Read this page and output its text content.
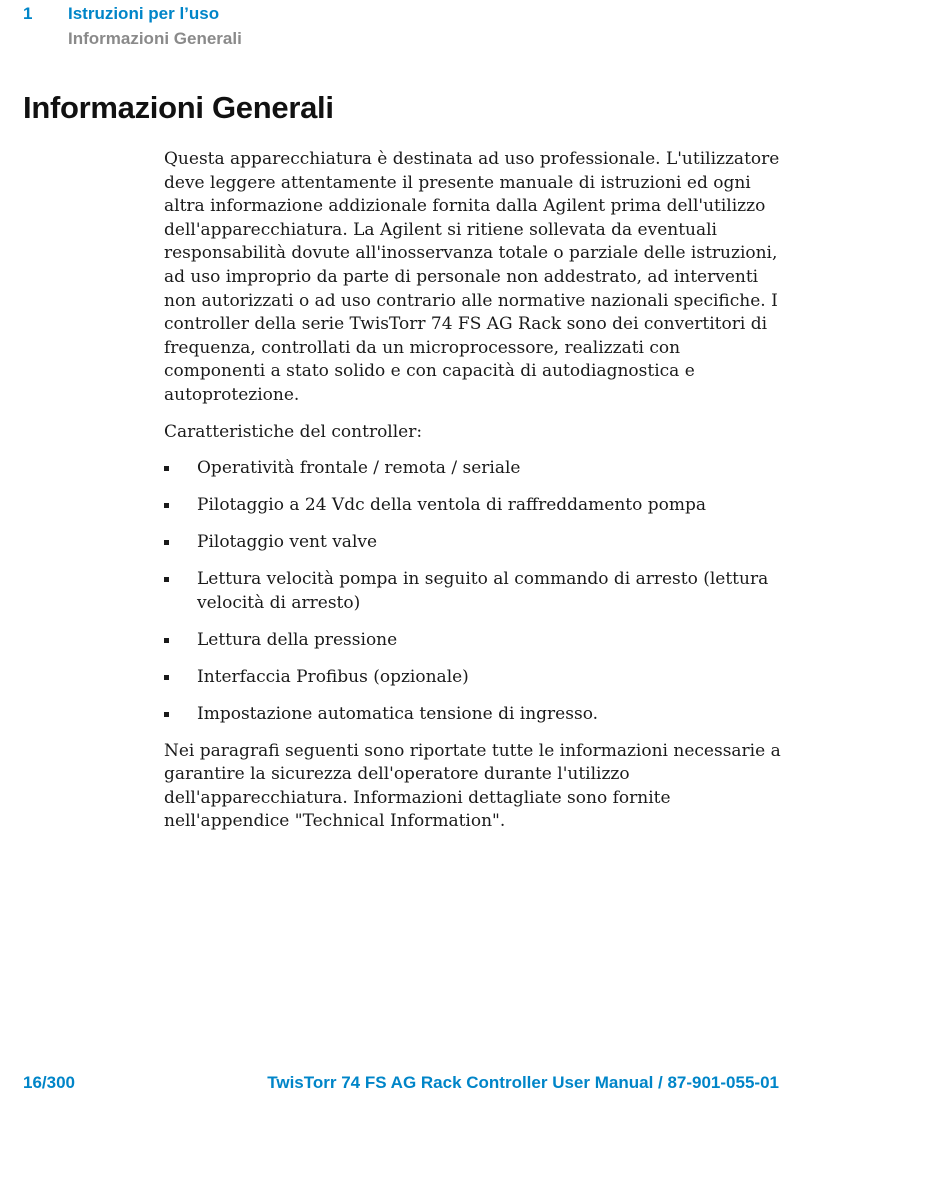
1 Istruzioni per l’uso
Informazioni Generali
Informazioni Generali

Questa apparecchiatura è destinata ad uso professionale. L'utilizzatore deve leggere attentamente il presente manuale di istruzioni ed ogni altra informazione addizionale fornita dalla Agilent prima dell'utilizzo dell'apparecchiatura. La Agilent si ritiene sollevata da eventuali responsabilità dovute all'inosservanza totale o parziale delle istruzioni, ad uso improprio da parte di personale non addestrato, ad interventi non autorizzati o ad uso contrario alle normative nazionali specifiche. I controller della serie TwisTorr 74 FS AG Rack sono dei convertitori di frequenza, controllati da un microprocessore, realizzati con componenti a stato solido e con capacità di autodiagnostica e autoprotezione.

Caratteristiche del controller:

Operatività frontale / remota / seriale
Pilotaggio a 24 Vdc della ventola di raffreddamento pompa
Pilotaggio vent valve
Lettura velocità pompa in seguito al commando di arresto (lettura velocità di arresto)
Lettura della pressione
Interfaccia Profibus (opzionale)
Impostazione automatica tensione di ingresso.

Nei paragrafi seguenti sono riportate tutte le informazioni necessarie a garantire la sicurezza dell'operatore durante l'utilizzo dell'apparecchiatura. Informazioni dettagliate sono fornite nell'appendice "Technical Information".

16/300	TwisTorr 74 FS AG Rack Controller User Manual / 87-901-055-01
